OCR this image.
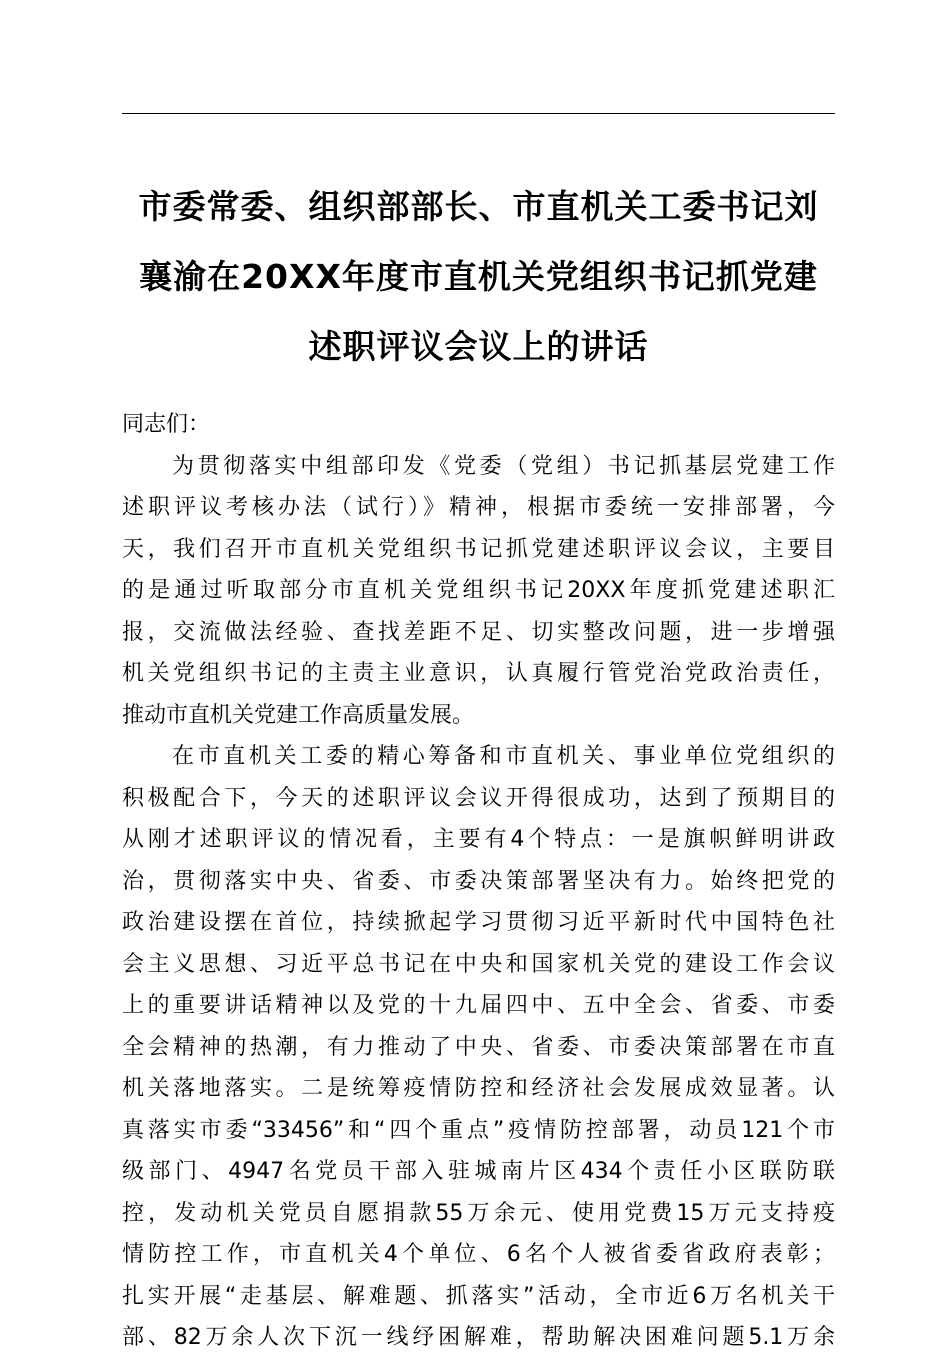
市委常委、组织部部长、市直机关工委书记刘
襄渝在20XX年度市直机关党组织书记抓党建
述职评议会议上的讲话

同志们：

为贯彻落实中组部印发《党委（党组）书记抓基层党建工作
述职评议考核办法（试行）》精神，根据市委统一安排部署，今
天，我们召开市直机关党组织书记抓党建述职评议会议，主要目
的是通过听取部分市直机关党组织书记20XX年度抓党建述职汇
报，交流做法经验、查找差距不足、切实整改问题，进一步增强
机关党组织书记的主责主业意识，认真履行管党治党政治责任，
推动市直机关党建工作高质量发展。

在市直机关工委的精心筹备和市直机关、事业单位党组织的
积极配合下，今天的述职评议会议开得很成功，达到了预期目的
从刚才述职评议的情况看，主要有4个特点：一是旗帜鲜明讲政
治，贯彻落实中央、省委、市委决策部署坚决有力。始终把党的
政治建设摆在首位，持续掀起学习贯彻习近平新时代中国特色社
会主义思想、习近平总书记在中央和国家机关党的建设工作会议
上的重要讲话精神以及党的十九届四中、五中全会、省委、市委
全会精神的热潮，有力推动了中央、省委、市委决策部署在市直
机关落地落实。二是统筹疫情防控和经济社会发展成效显著。认
真落实市委“33456”和“四个重点”疫情防控部署，动员121个市
级部门、4947名党员干部入驻城南片区434个责任小区联防联
控，发动机关党员自愿捐款55万余元、使用党费15万元支持疫
情防控工作，市直机关4个单位、6名个人被省委省政府表彰；
扎实开展“走基层、解难题、抓落实”活动，全市近6万名机关干
部、82万余人次下沉一线纾困解难，帮助解决困难问题5.1万余
